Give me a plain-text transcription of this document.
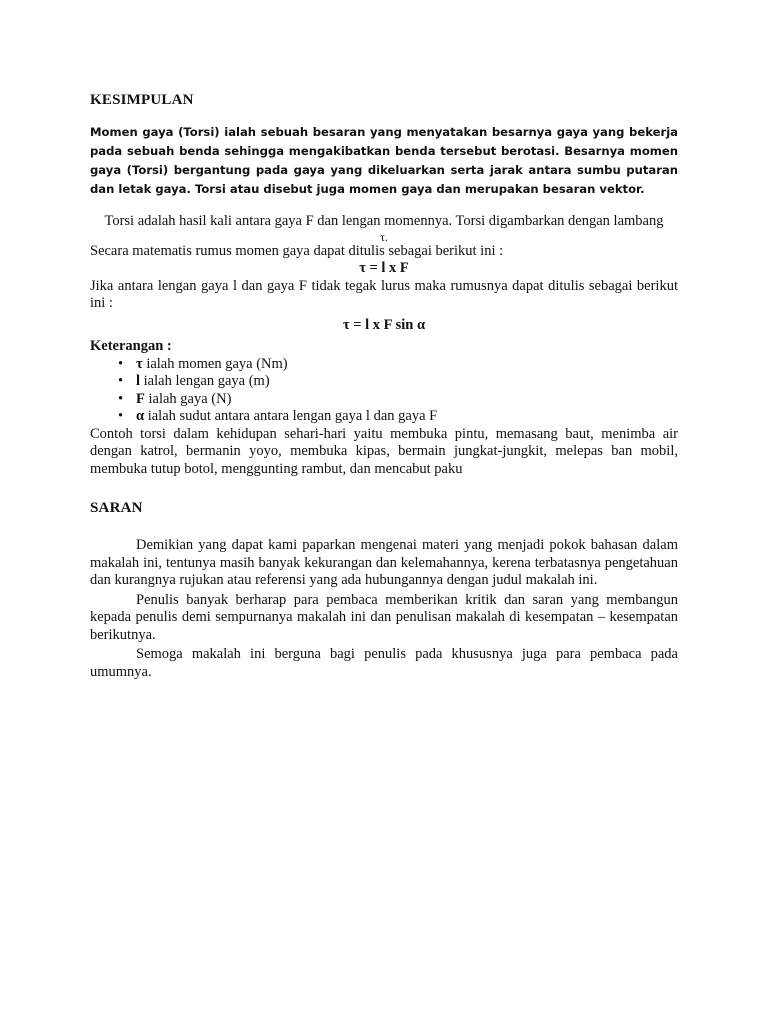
KESIMPULAN

Momen gaya (Torsi) ialah sebuah besaran yang menyatakan besarnya gaya yang bekerja pada sebuah benda sehingga mengakibatkan benda tersebut berotasi. Besarnya momen gaya (Torsi) bergantung pada gaya yang dikeluarkan serta jarak antara sumbu putaran dan letak gaya. Torsi atau disebut juga momen gaya dan merupakan besaran vektor.

Torsi adalah hasil kali antara gaya F dan lengan momennya. Torsi digambarkan dengan lambang
τ.
Secara matematis rumus momen gaya dapat ditulis sebagai berikut ini :
τ = l x F
Jika antara lengan gaya l dan gaya F tidak tegak lurus maka rumusnya dapat ditulis sebagai berikut ini :
τ = l x F sin α
Keterangan :
• τ ialah momen gaya (Nm)
• l ialah lengan gaya (m)
• F ialah gaya (N)
• α ialah sudut antara antara lengan gaya l dan gaya F
Contoh torsi dalam kehidupan sehari-hari yaitu membuka pintu, memasang baut, menimba air dengan katrol, bermanin yoyo, membuka kipas, bermain jungkat-jungkit, melepas ban mobil, membuka tutup botol, menggunting rambut, dan mencabut paku
SARAN
Demikian yang dapat kami paparkan mengenai materi yang menjadi pokok bahasan dalam makalah ini, tentunya masih banyak kekurangan dan kelemahannya, kerena terbatasnya pengetahuan dan kurangnya rujukan atau referensi yang ada hubungannya dengan judul makalah ini.
Penulis banyak berharap para pembaca memberikan kritik dan saran yang membangun kepada penulis demi sempurnanya makalah ini dan penulisan makalah di kesempatan – kesempatan berikutnya.
Semoga makalah ini berguna bagi penulis pada khususnya juga para pembaca pada umumnya.
